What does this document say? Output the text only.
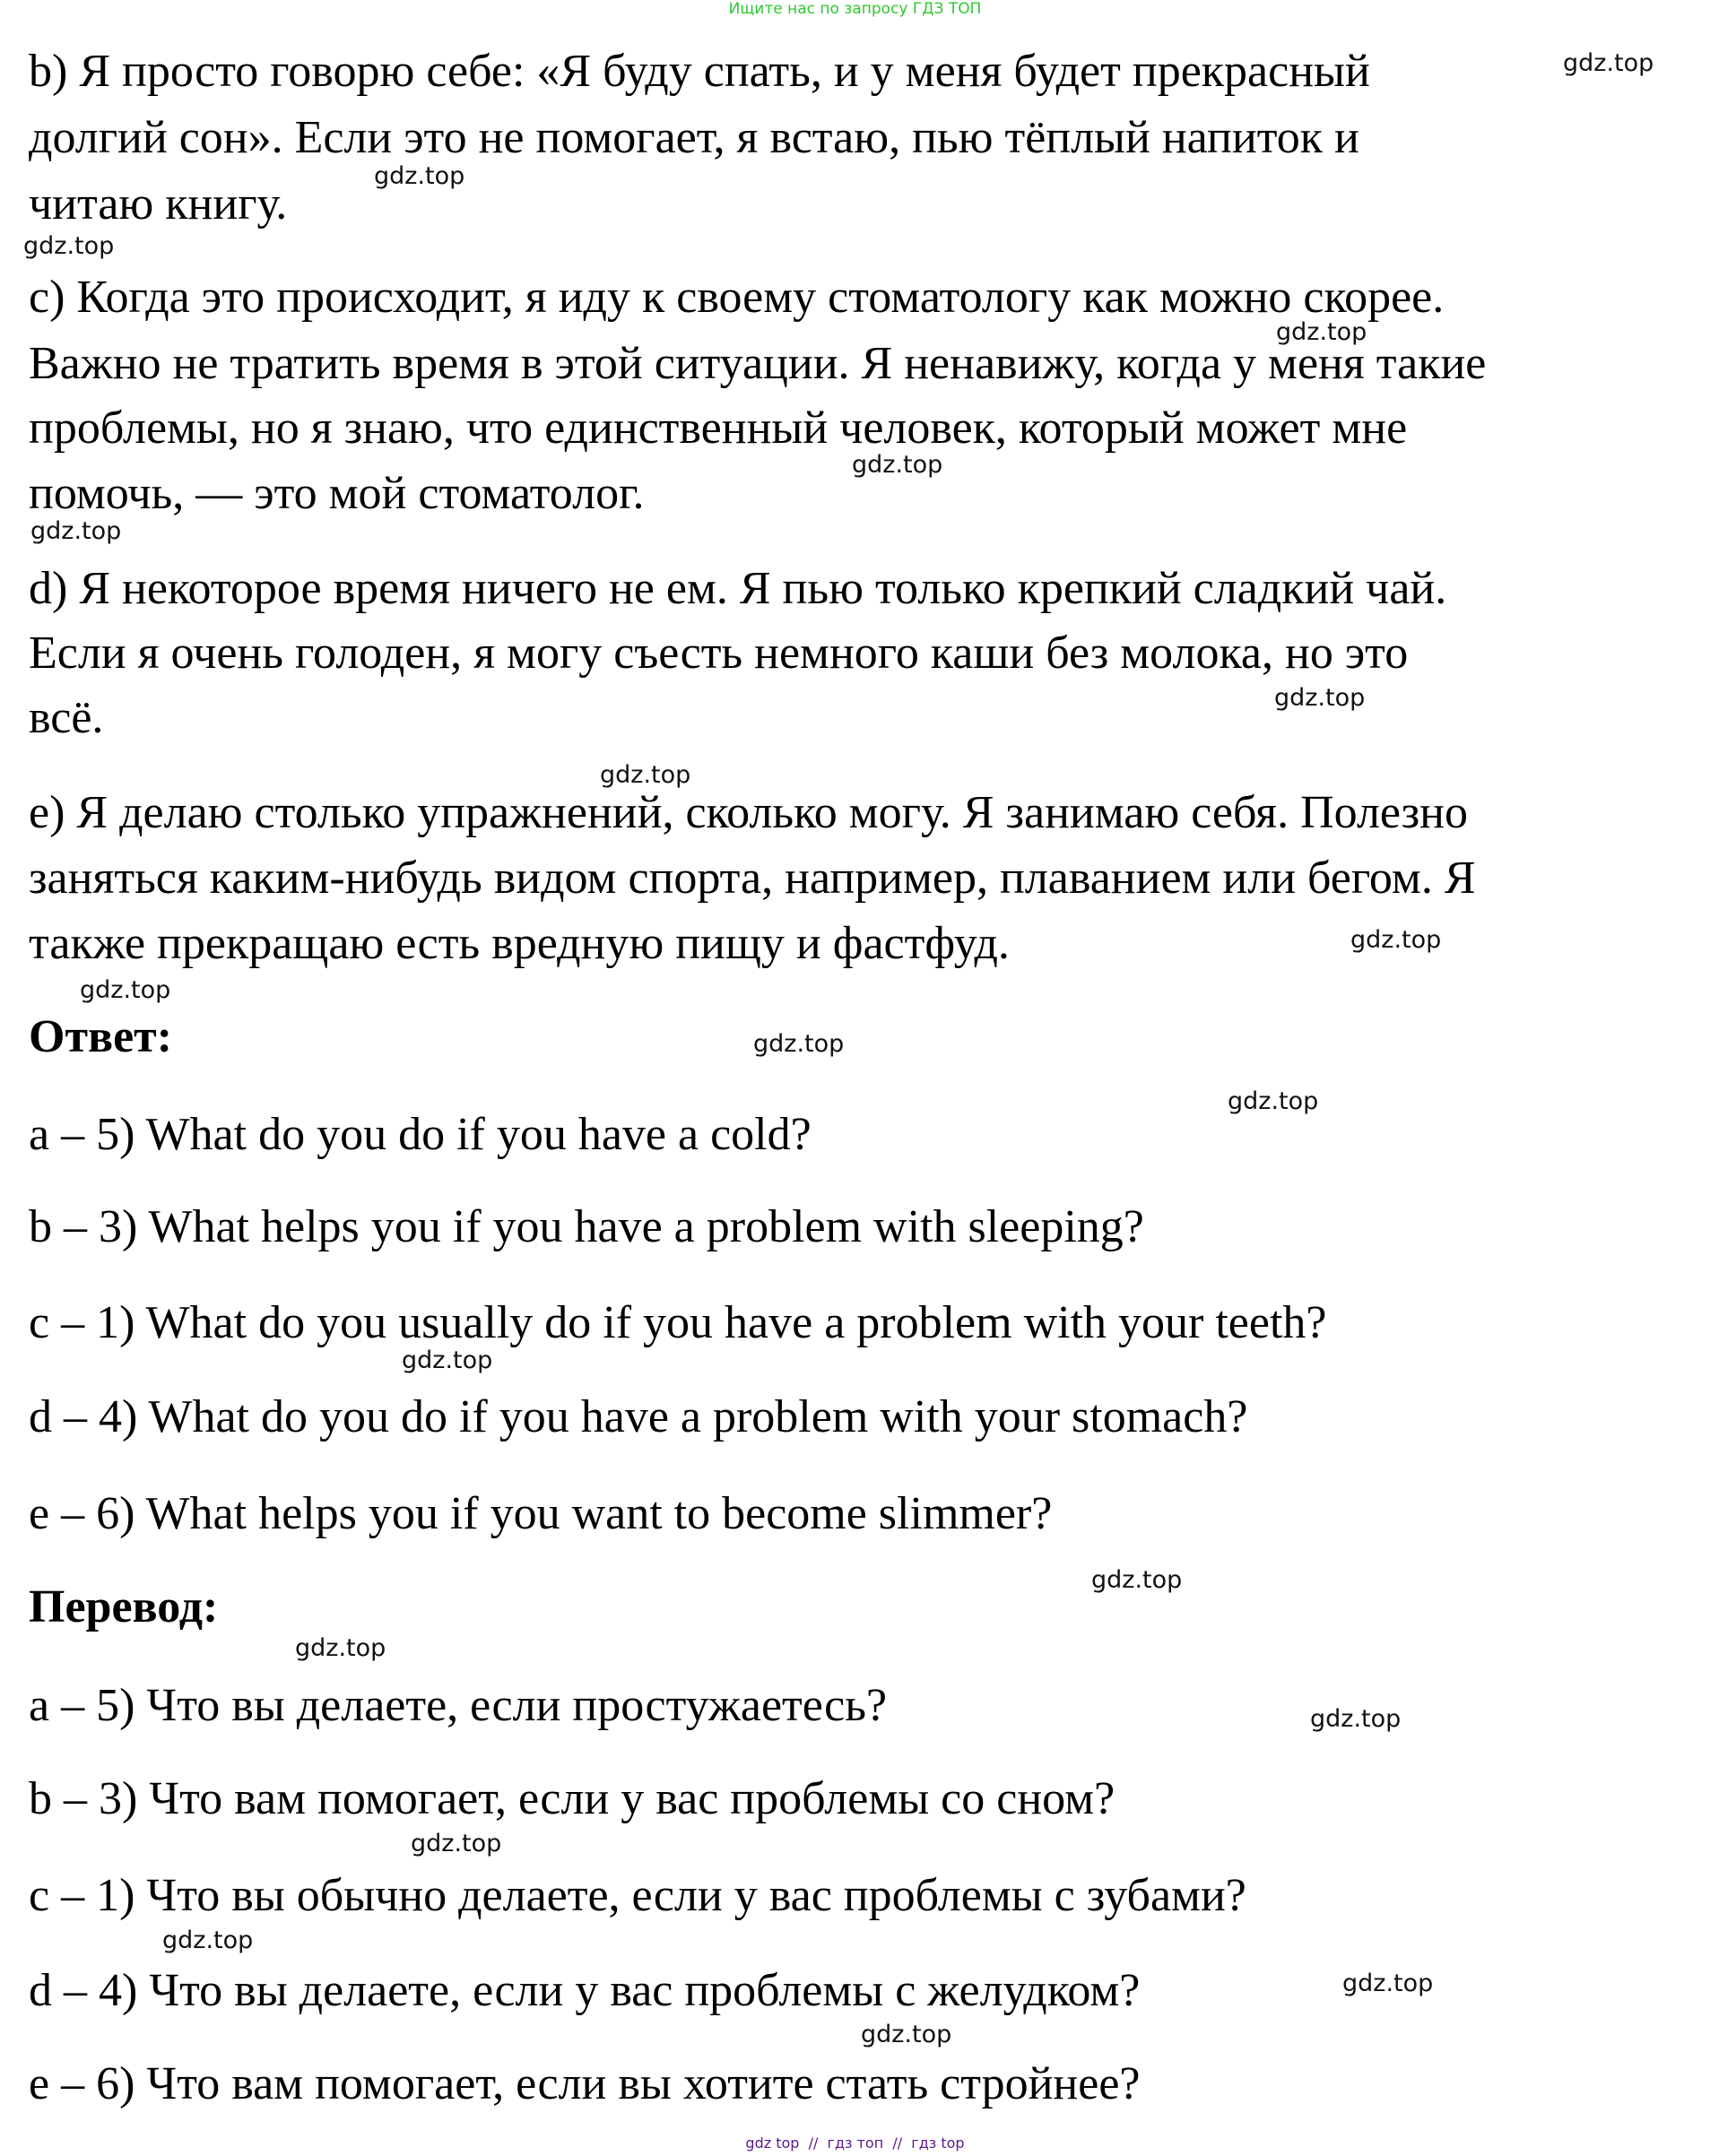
Ищите нас по запросу ГДЗ ТОП
b) Я просто говорю себе: «Я буду спать, и у меня будет прекрасный
долгий сон». Если это не помогает, я встаю, пью тёплый напиток и
читаю книгу.
c) Когда это происходит, я иду к своему стоматологу как можно скорее.
Важно не тратить время в этой ситуации. Я ненавижу, когда у меня такие
проблемы, но я знаю, что единственный человек, который может мне
помочь, — это мой стоматолог.
d) Я некоторое время ничего не ем. Я пью только крепкий сладкий чай.
Если я очень голоден, я могу съесть немного каши без молока, но это
всё.
e) Я делаю столько упражнений, сколько могу. Я занимаю себя. Полезно
заняться каким-нибудь видом спорта, например, плаванием или бегом. Я
также прекращаю есть вредную пищу и фастфуд.
Ответ:
a – 5) What do you do if you have a cold?
b – 3) What helps you if you have a problem with sleeping?
c – 1) What do you usually do if you have a problem with your teeth?
d – 4) What do you do if you have a problem with your stomach?
e – 6) What helps you if you want to become slimmer?
Перевод:
a – 5) Что вы делаете, если простужаетесь?
b – 3) Что вам помогает, если у вас проблемы со сном?
c – 1) Что вы обычно делаете, если у вас проблемы с зубами?
d – 4) Что вы делаете, если у вас проблемы с желудком?
e – 6) Что вам помогает, если вы хотите стать стройнее?
gdz.top
gdz.top
gdz.top
gdz.top
gdz.top
gdz.top
gdz.top
gdz.top
gdz.top
gdz.top
gdz.top
gdz.top
gdz.top
gdz.top
gdz.top
gdz.top
gdz.top
gdz.top
gdz.top
gdz.top
gdz top  //  гдз топ  //  гдз top
